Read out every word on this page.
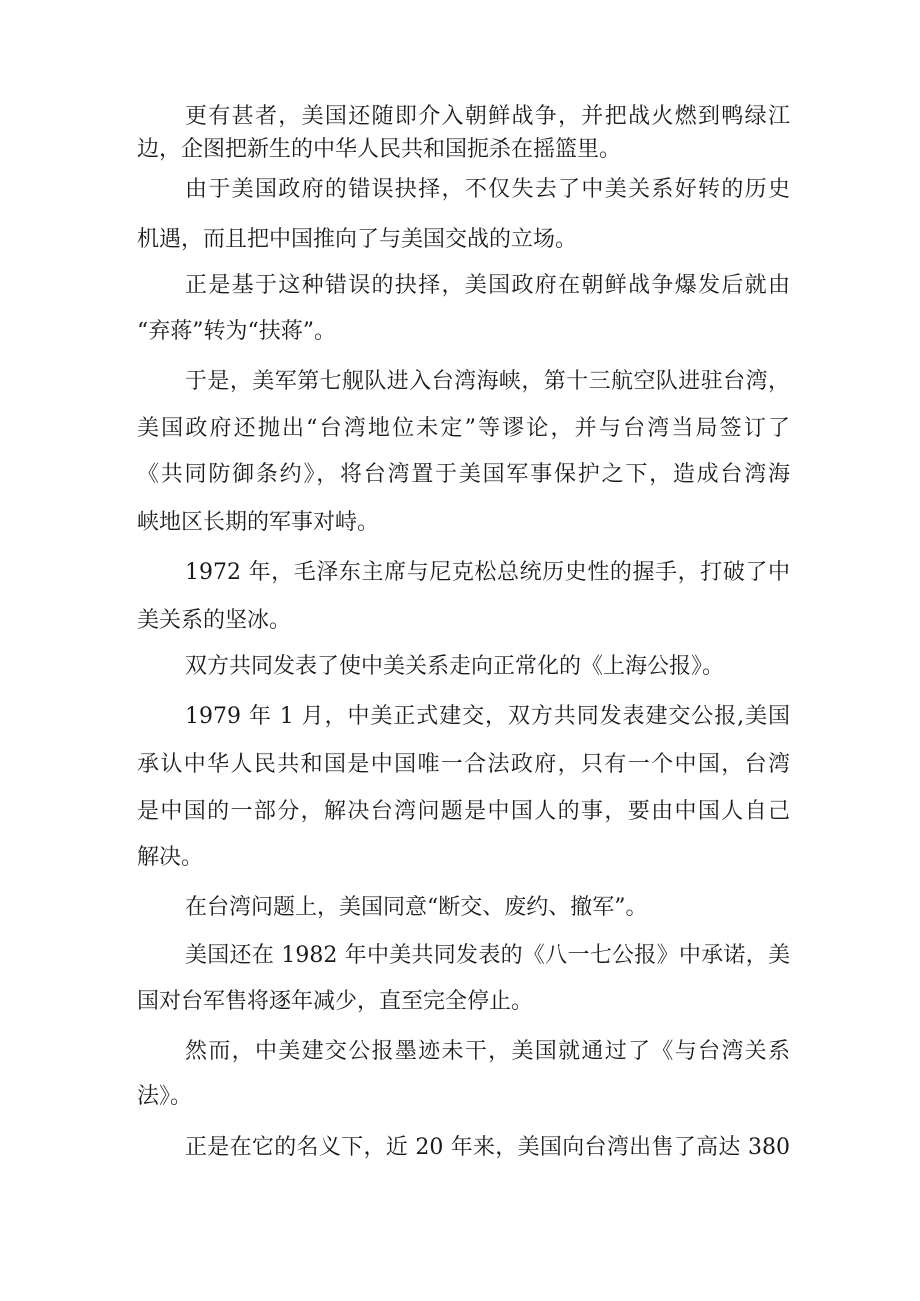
更有甚者，美国还随即介入朝鲜战争，并把战火燃到鸭绿江
边，企图把新生的中华人民共和国扼杀在摇篮里。
由于美国政府的错误抉择，不仅失去了中美关系好转的历史
机遇，而且把中国推向了与美国交战的立场。
正是基于这种错误的抉择，美国政府在朝鲜战争爆发后就由
“弃蒋”转为“扶蒋”。
于是，美军第七舰队进入台湾海峡，第十三航空队进驻台湾，
美国政府还抛出“台湾地位未定”等谬论，并与台湾当局签订了
《共同防御条约》，将台湾置于美国军事保护之下，造成台湾海
峡地区长期的军事对峙。
1972 年，毛泽东主席与尼克松总统历史性的握手，打破了中
美关系的坚冰。
双方共同发表了使中美关系走向正常化的《上海公报》。
1979 年 1 月，中美正式建交，双方共同发表建交公报,美国
承认中华人民共和国是中国唯一合法政府，只有一个中国，台湾
是中国的一部分，解决台湾问题是中国人的事，要由中国人自己
解决。
在台湾问题上，美国同意“断交、废约、撤军”。
美国还在 1982 年中美共同发表的《八一七公报》中承诺，美
国对台军售将逐年减少，直至完全停止。
然而，中美建交公报墨迹未干，美国就通过了《与台湾关系
法》。
正是在它的名义下，近 20 年来，美国向台湾出售了高达 380
